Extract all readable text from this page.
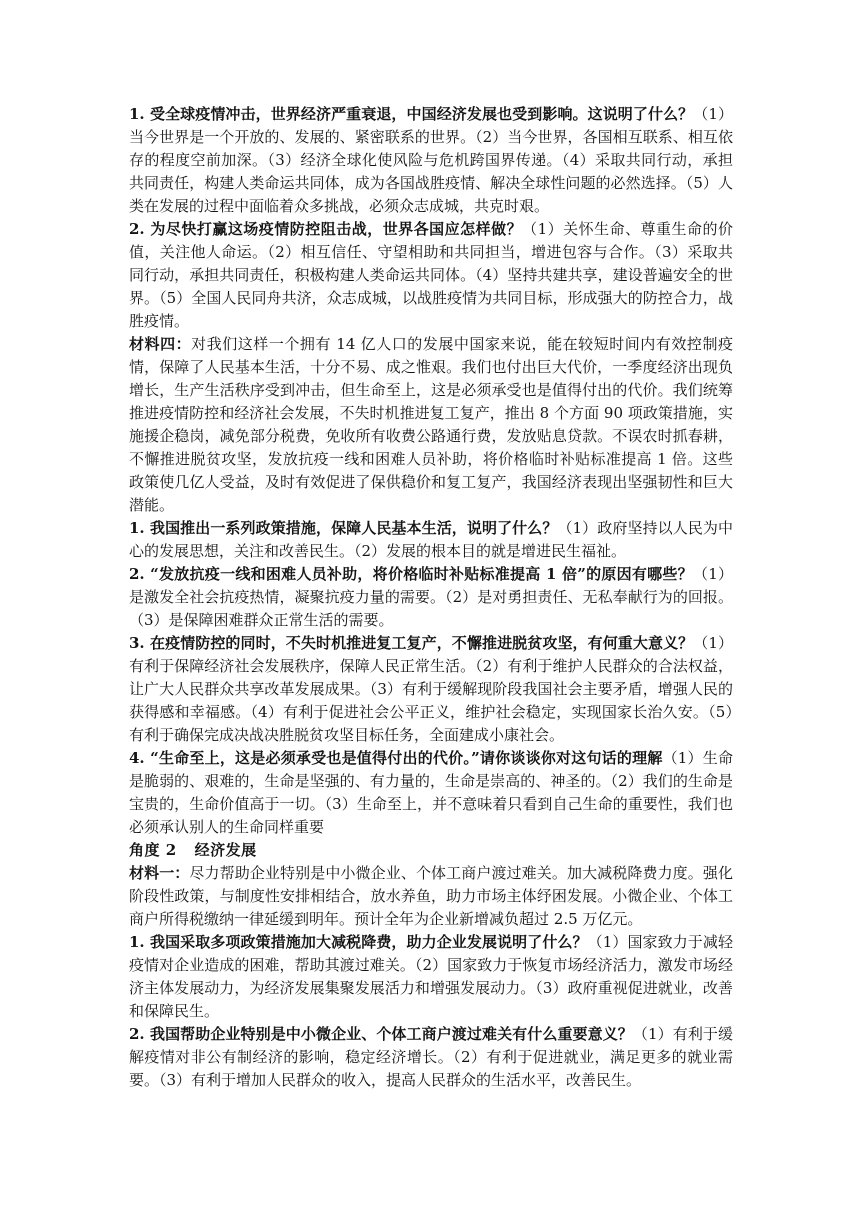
1. 受全球疫情冲击，世界经济严重衰退，中国经济发展也受到影响。这说明了什么？（1）当今世界是一个开放的、发展的、紧密联系的世界。（2）当今世界，各国相互联系、相互依存的程度空前加深。（3）经济全球化使风险与危机跨国界传递。（4）采取共同行动，承担共同责任，构建人类命运共同体，成为各国战胜疫情、解决全球性问题的必然选择。（5）人类在发展的过程中面临着众多挑战，必须众志成城，共克时艰。

2. 为尽快打赢这场疫情防控阻击战，世界各国应怎样做？（1）关怀生命、尊重生命的价值，关注他人命运。（2）相互信任、守望相助和共同担当，增进包容与合作。（3）采取共同行动，承担共同责任，积极构建人类命运共同体。（4）坚持共建共享，建设普遍安全的世界。（5）全国人民同舟共济，众志成城，以战胜疫情为共同目标，形成强大的防控合力，战胜疫情。

材料四：对我们这样一个拥有 14 亿人口的发展中国家来说，能在较短时间内有效控制疫情，保障了人民基本生活，十分不易、成之惟艰。我们也付出巨大代价，一季度经济出现负增长，生产生活秩序受到冲击，但生命至上，这是必须承受也是值得付出的代价。我们统筹推进疫情防控和经济社会发展，不失时机推进复工复产，推出 8 个方面 90 项政策措施，实施援企稳岗，减免部分税费，免收所有收费公路通行费，发放贴息贷款。不误农时抓春耕，不懈推进脱贫攻坚，发放抗疫一线和困难人员补助，将价格临时补贴标准提高 1 倍。这些政策使几亿人受益，及时有效促进了保供稳价和复工复产，我国经济表现出坚强韧性和巨大潜能。

1. 我国推出一系列政策措施，保障人民基本生活，说明了什么？（1）政府坚持以人民为中心的发展思想，关注和改善民生。（2）发展的根本目的就是增进民生福祉。

2. “发放抗疫一线和困难人员补助，将价格临时补贴标准提高 1 倍”的原因有哪些？（1）是激发全社会抗疫热情，凝聚抗疫力量的需要。（2）是对勇担责任、无私奉献行为的回报。（3）是保障困难群众正常生活的需要。

3. 在疫情防控的同时，不失时机推进复工复产，不懈推进脱贫攻坚，有何重大意义？（1）有利于保障经济社会发展秩序，保障人民正常生活。（2）有利于维护人民群众的合法权益，让广大人民群众共享改革发展成果。（3）有利于缓解现阶段我国社会主要矛盾，增强人民的获得感和幸福感。（4）有利于促进社会公平正义，维护社会稳定，实现国家长治久安。（5）有利于确保完成决战决胜脱贫攻坚目标任务，全面建成小康社会。

4. “生命至上，这是必须承受也是值得付出的代价。”请你谈谈你对这句话的理解（1）生命是脆弱的、艰难的，生命是坚强的、有力量的，生命是崇高的、神圣的。（2）我们的生命是宝贵的，生命价值高于一切。（3）生命至上，并不意味着只看到自己生命的重要性，我们也必须承认别人的生命同样重要

角度 2 经济发展

材料一：尽力帮助企业特别是中小微企业、个体工商户渡过难关。加大减税降费力度。强化阶段性政策，与制度性安排相结合，放水养鱼，助力市场主体纾困发展。小微企业、个体工商户所得税缴纳一律延缓到明年。预计全年为企业新增减负超过 2.5 万亿元。

1. 我国采取多项政策措施加大减税降费，助力企业发展说明了什么？（1）国家致力于减轻疫情对企业造成的困难，帮助其渡过难关。（2）国家致力于恢复市场经济活力，激发市场经济主体发展动力，为经济发展集聚发展活力和增强发展动力。（3）政府重视促进就业，改善和保障民生。

2. 我国帮助企业特别是中小微企业、个体工商户渡过难关有什么重要意义？（1）有利于缓解疫情对非公有制经济的影响，稳定经济增长。（2）有利于促进就业，满足更多的就业需要。（3）有利于增加人民群众的收入，提高人民群众的生活水平，改善民生。
